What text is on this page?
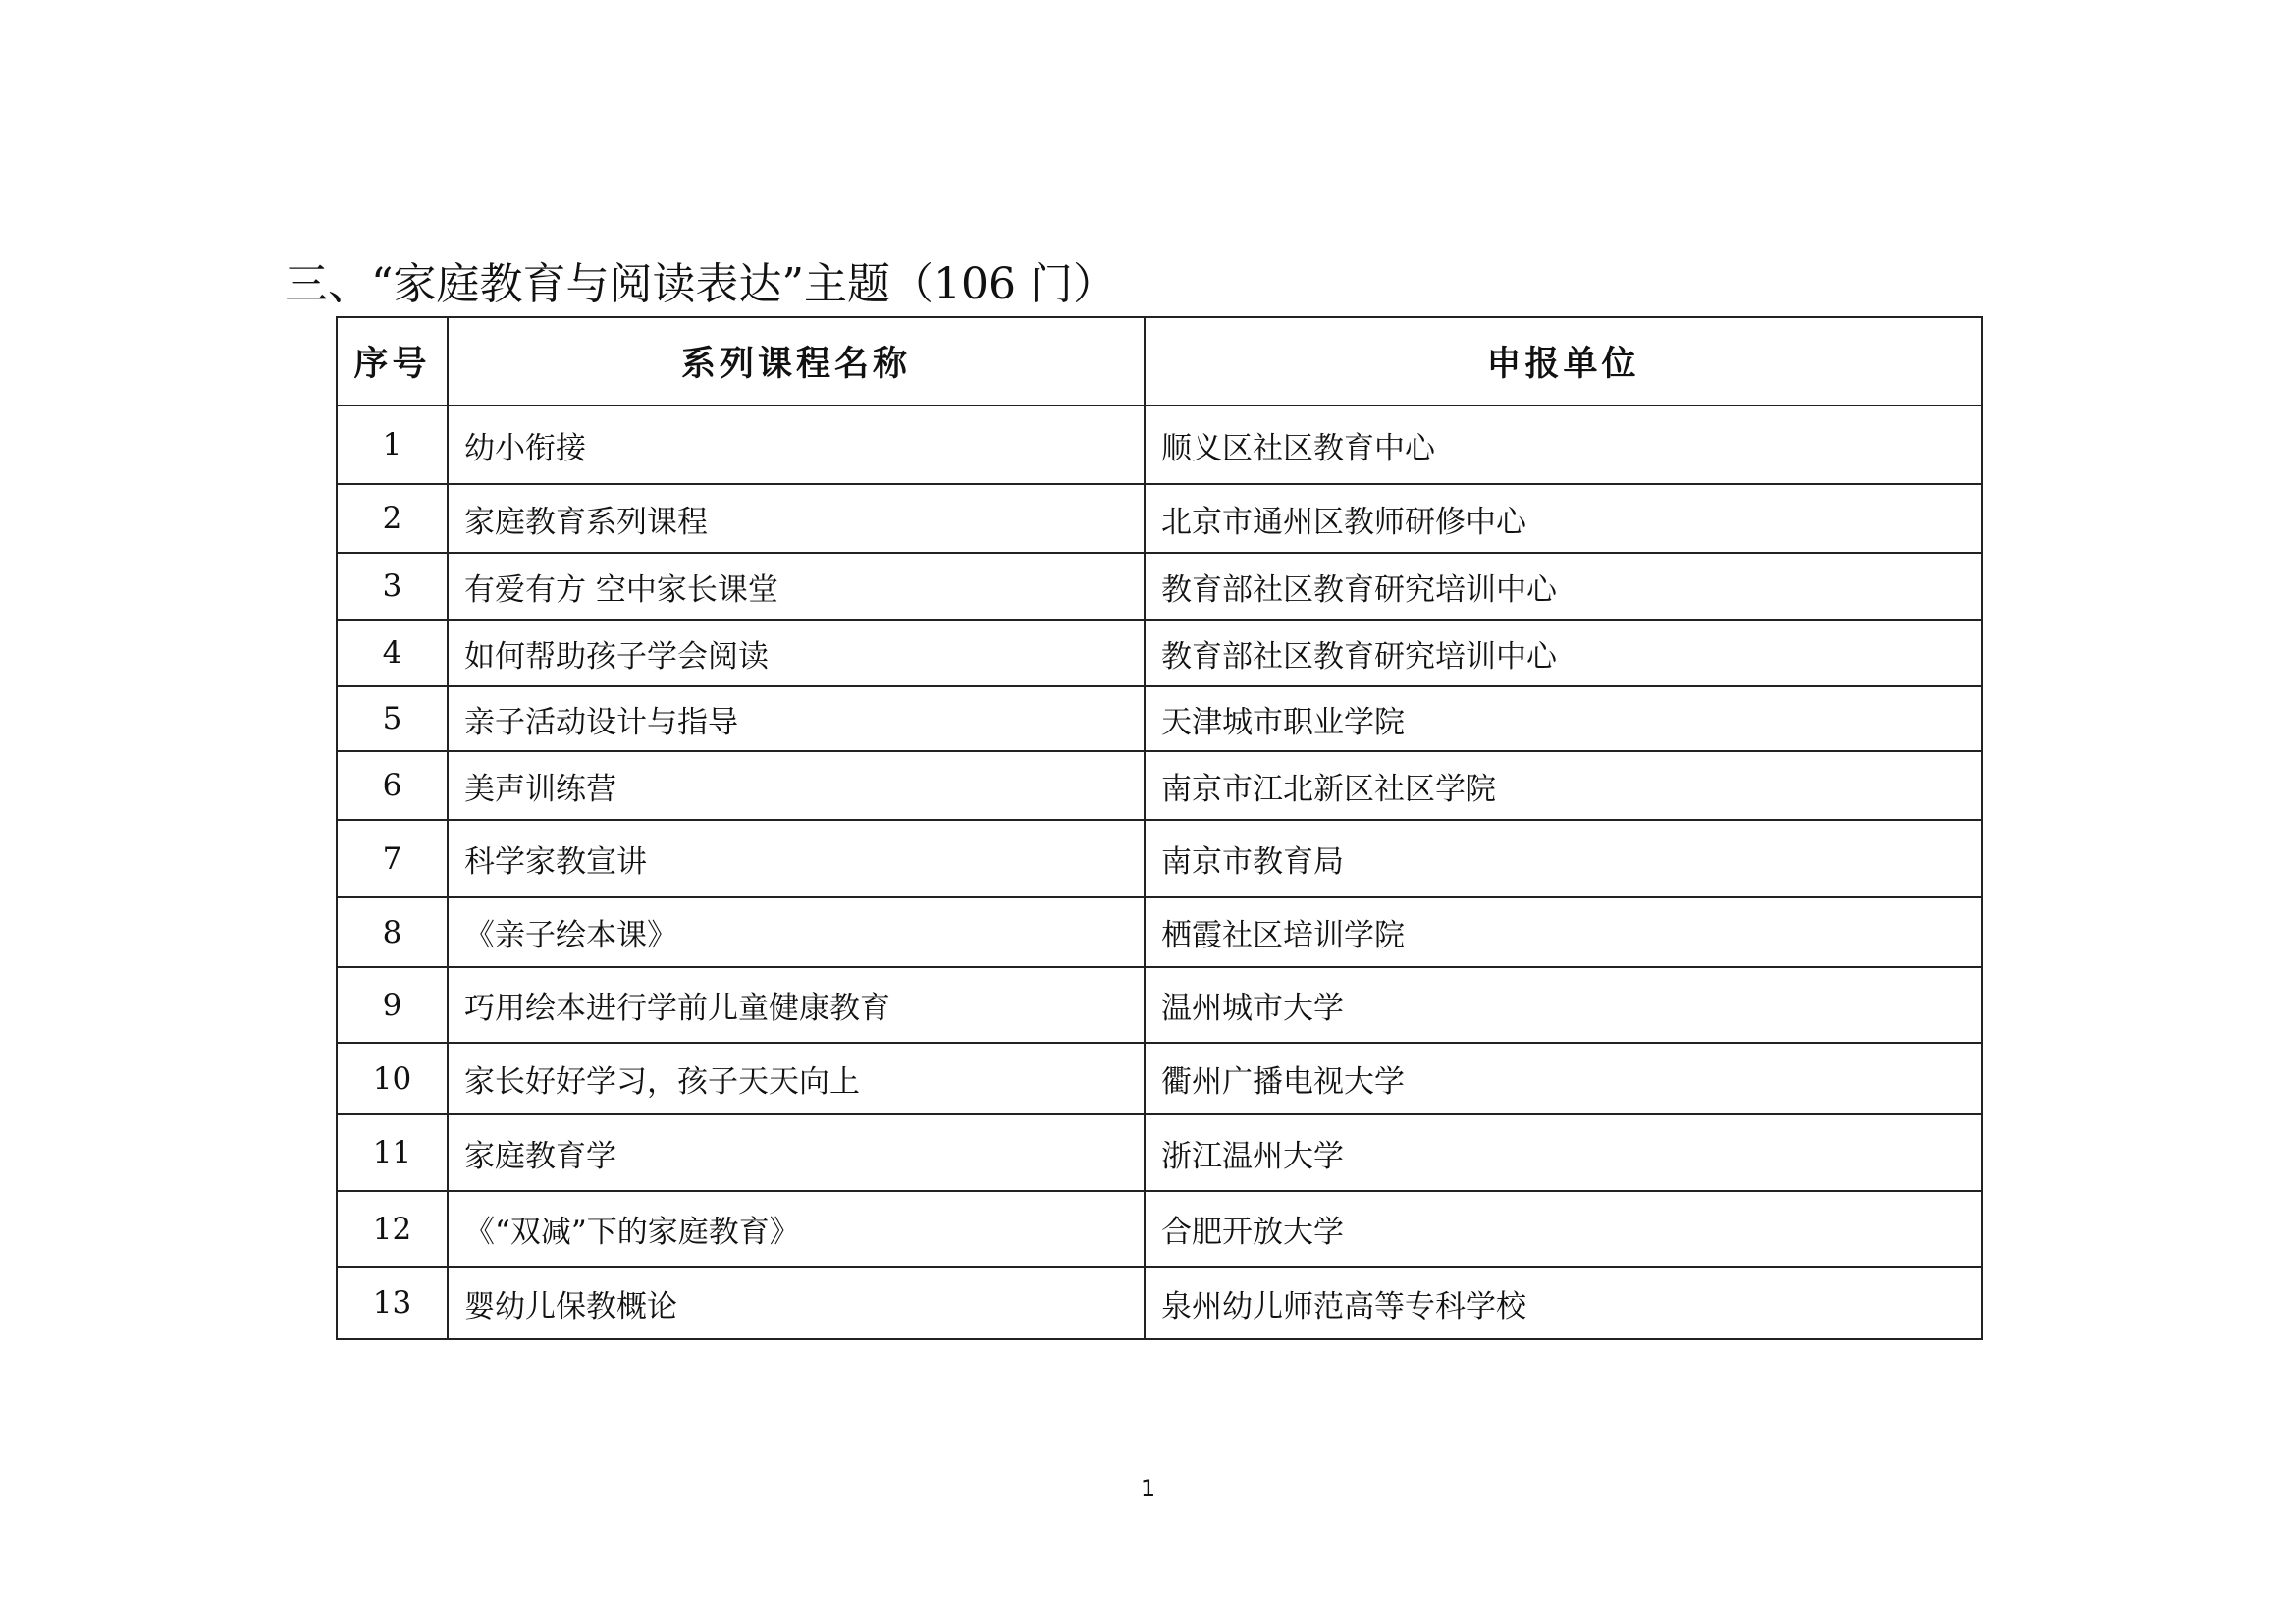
三、“家庭教育与阅读表达”主题（106 门）
序号	系列课程名称	申报单位
1	幼小衔接	顺义区社区教育中心
2	家庭教育系列课程	北京市通州区教师研修中心
3	有爱有方 空中家长课堂	教育部社区教育研究培训中心
4	如何帮助孩子学会阅读	教育部社区教育研究培训中心
5	亲子活动设计与指导	天津城市职业学院
6	美声训练营	南京市江北新区社区学院
7	科学家教宣讲	南京市教育局
8	《亲子绘本课》	栖霞社区培训学院
9	巧用绘本进行学前儿童健康教育	温州城市大学
10	家长好好学习，孩子天天向上	衢州广播电视大学
11	家庭教育学	浙江温州大学
12	《“双减”下的家庭教育》	合肥开放大学
13	婴幼儿保教概论	泉州幼儿师范高等专科学校
1
